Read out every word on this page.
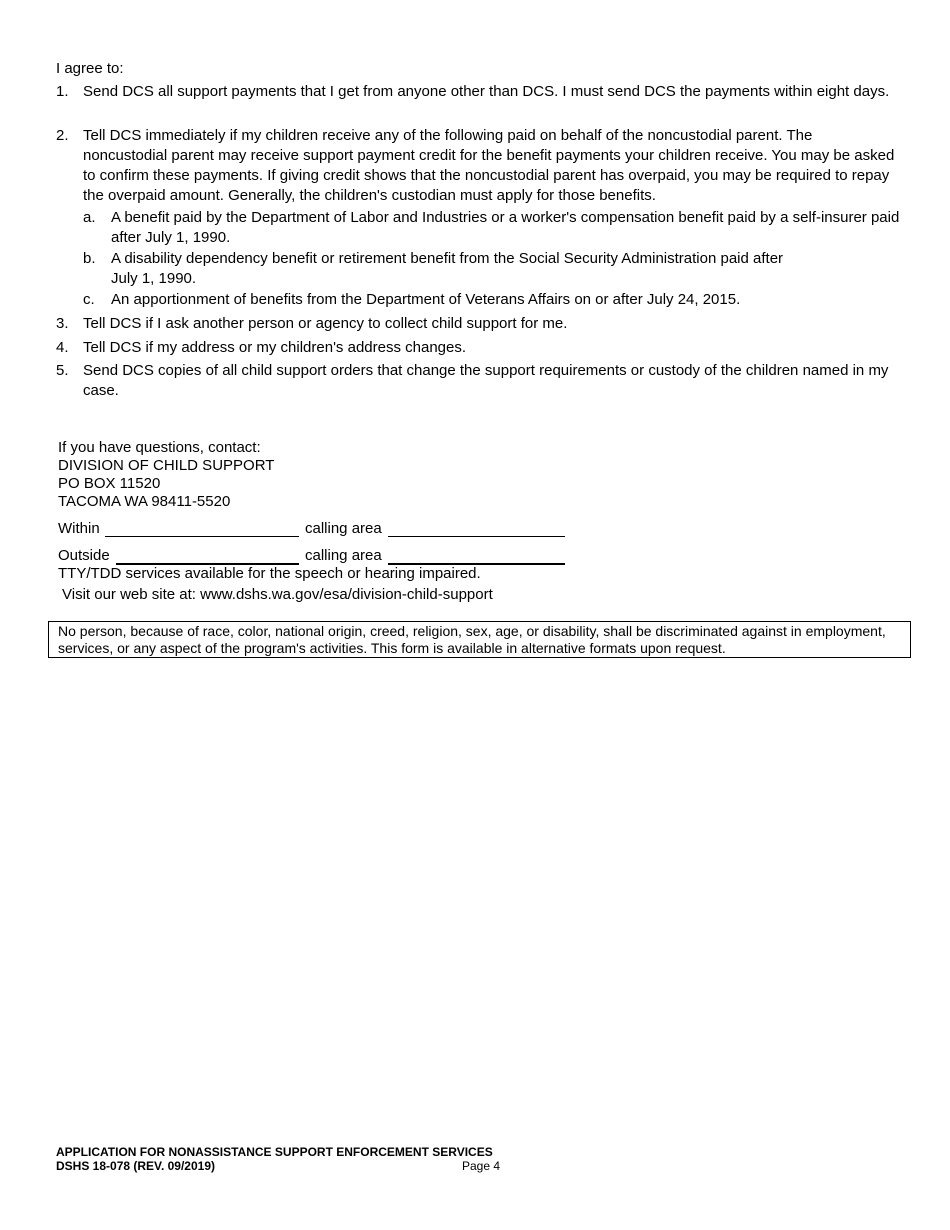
I agree to:
1. Send DCS all support payments that I get from anyone other than DCS. I must send DCS the payments within eight days.
2. Tell DCS immediately if my children receive any of the following paid on behalf of the noncustodial parent. The noncustodial parent may receive support payment credit for the benefit payments your children receive. You may be asked to confirm these payments. If giving credit shows that the noncustodial parent has overpaid, you may be required to repay the overpaid amount. Generally, the children's custodian must apply for those benefits.
a. A benefit paid by the Department of Labor and Industries or a worker's compensation benefit paid by a self-insurer paid after July 1, 1990.
b. A disability dependency benefit or retirement benefit from the Social Security Administration paid after
July 1, 1990.
c. An apportionment of benefits from the Department of Veterans Affairs on or after July 24, 2015.
3. Tell DCS if I ask another person or agency to collect child support for me.
4. Tell DCS if my address or my children's address changes.
5. Send DCS copies of all child support orders that change the support requirements or custody of the children named in my case.
If you have questions, contact:
DIVISION OF CHILD SUPPORT
PO BOX 11520
TACOMA WA 98411-5520
Within	calling area
Outside	calling area
TTY/TDD services available for the speech or hearing impaired.
Visit our web site at: www.dshs.wa.gov/esa/division-child-support
No person, because of race, color, national origin, creed, religion, sex, age, or disability, shall be discriminated against in employment, services, or any aspect of the program's activities. This form is available in alternative formats upon request.
APPLICATION FOR NONASSISTANCE SUPPORT ENFORCEMENT SERVICES
DSHS 18-078 (REV. 09/2019)	Page 4
